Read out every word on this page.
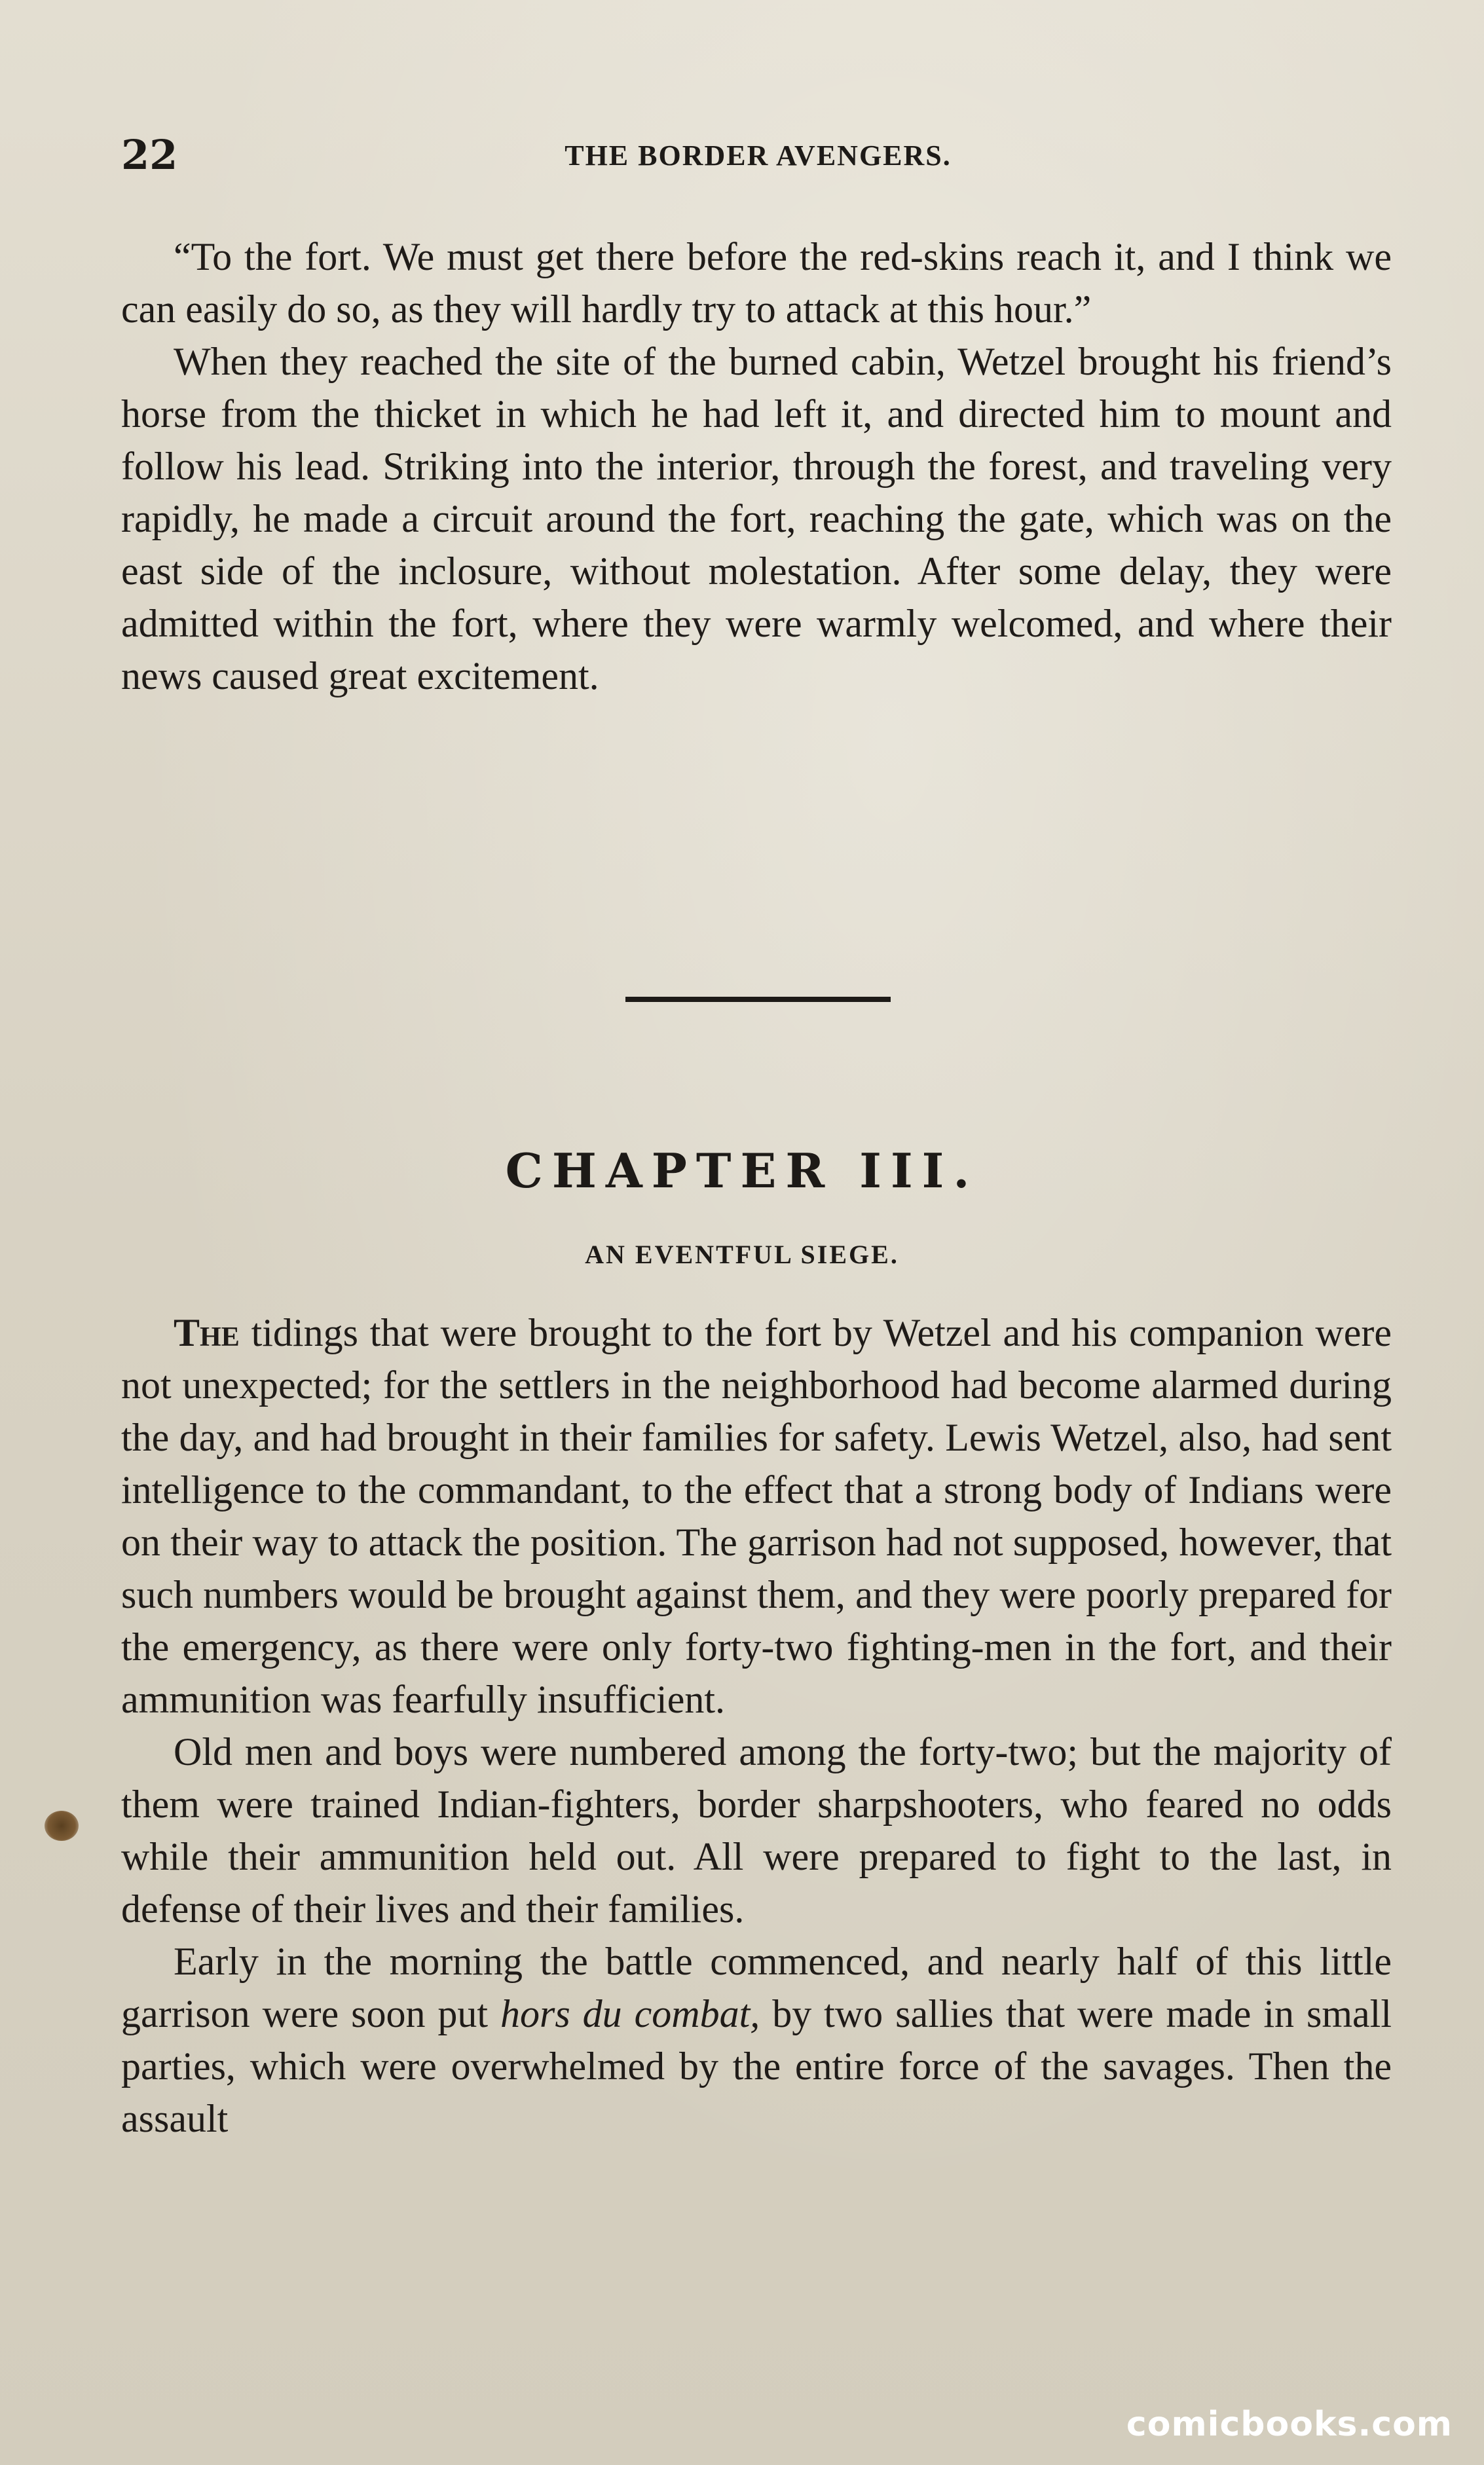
22	THE BORDER AVENGERS.

“To the fort. We must get there before the red-skins reach it, and I think we can easily do so, as they will hardly try to attack at this hour.”

When they reached the site of the burned cabin, Wetzel brought his friend’s horse from the thicket in which he had left it, and directed him to mount and follow his lead. Striking into the interior, through the forest, and traveling very rapidly, he made a circuit around the fort, reaching the gate, which was on the east side of the inclosure, without molestation. After some delay, they were admitted within the fort, where they were warmly welcomed, and where their news caused great excitement.

CHAPTER III.
AN EVENTFUL SIEGE.

The tidings that were brought to the fort by Wetzel and his companion were not unexpected; for the settlers in the neighborhood had become alarmed during the day, and had brought in their families for safety. Lewis Wetzel, also, had sent intelligence to the commandant, to the effect that a strong body of Indians were on their way to attack the position. The garrison had not supposed, however, that such numbers would be brought against them, and they were poorly prepared for the emergency, as there were only forty-two fighting-men in the fort, and their ammunition was fearfully insufficient.

Old men and boys were numbered among the forty-two; but the majority of them were trained Indian-fighters, border sharpshooters, who feared no odds while their ammunition held out. All were prepared to fight to the last, in defense of their lives and their families.

Early in the morning the battle commenced, and nearly half of this little garrison were soon put hors du combat, by two sallies that were made in small parties, which were overwhelmed by the entire force of the savages. Then the assault

comicbooks.com
